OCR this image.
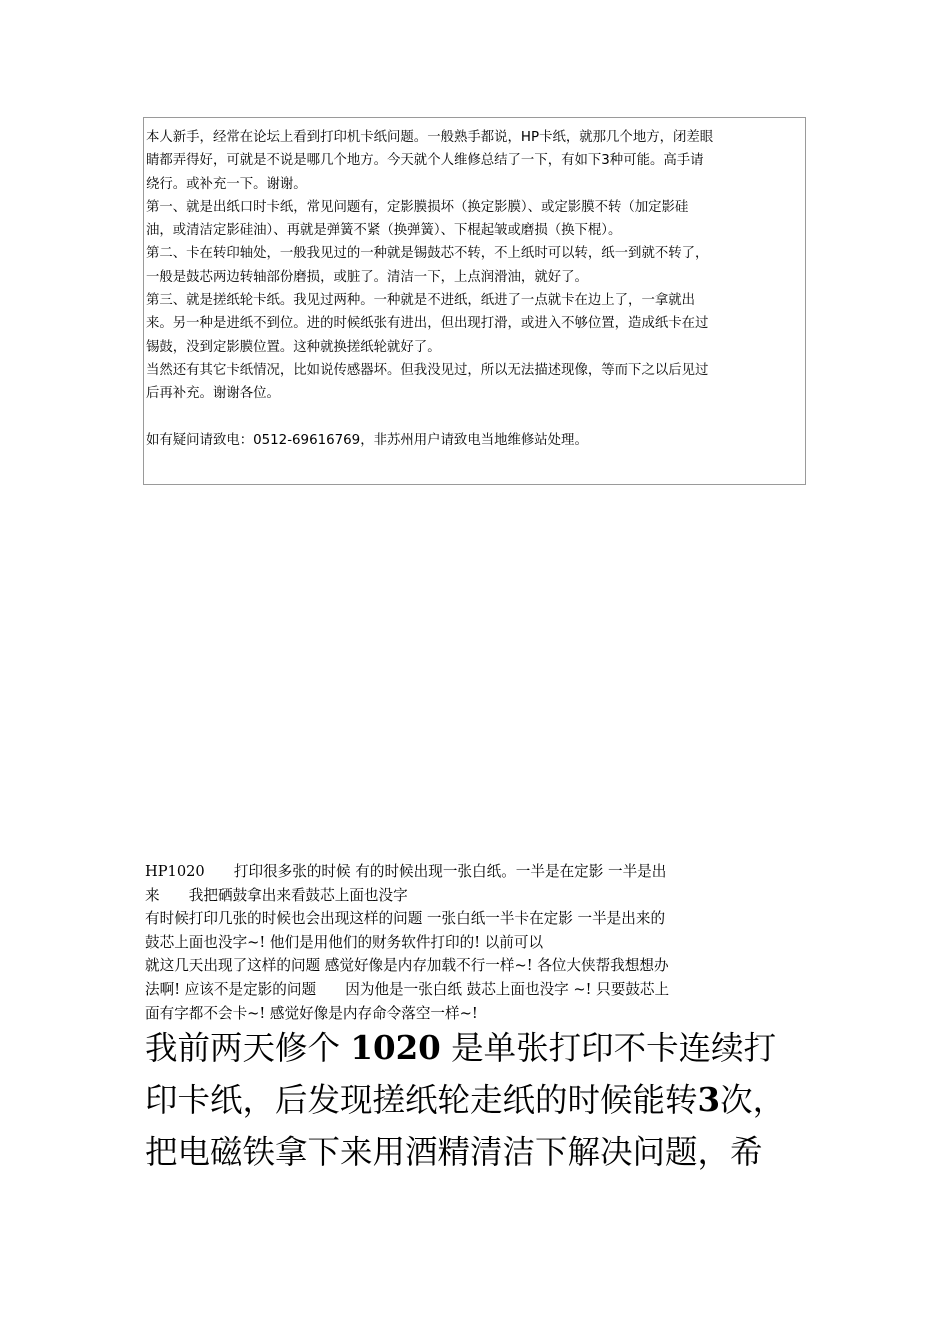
本人新手，经常在论坛上看到打印机卡纸问题。一般熟手都说，HP卡纸，就那几个地方，闭差眼

睛都弄得好，可就是不说是哪几个地方。今天就个人维修总结了一下，有如下3种可能。高手请

绕行。或补充一下。谢谢。

第一、就是出纸口时卡纸，常见问题有，定影膜损坏（换定影膜）、或定影膜不转（加定影硅

油，或清洁定影硅油）、再就是弹簧不紧（换弹簧）、下棍起皱或磨损（换下棍）。

第二、卡在转印轴处，一般我见过的一种就是锡鼓芯不转，不上纸时可以转，纸一到就不转了，

一般是鼓芯两边转轴部份磨损，或脏了。清洁一下，上点润滑油，就好了。

第三、就是搓纸轮卡纸。我见过两种。一种就是不进纸，纸进了一点就卡在边上了，一拿就出

来。另一种是进纸不到位。进的时候纸张有进出，但出现打滑，或进入不够位置，造成纸卡在过

锡鼓，没到定影膜位置。这种就换搓纸轮就好了。

当然还有其它卡纸情况，比如说传感器坏。但我没见过，所以无法描述现像，等而下之以后见过

后再补充。谢谢各位。

如有疑问请致电：0512-69616769，非苏州用户请致电当地维修站处理。

HP1020　　打印很多张的时候 有的时候出现一张白纸。一半是在定影 一半是出

来　　我把硒鼓拿出来看鼓芯上面也没字

有时候打印几张的时候也会出现这样的问题 一张白纸一半卡在定影 一半是出来的

鼓芯上面也没字~! 他们是用他们的财务软件打印的! 以前可以

就这几天出现了这样的问题 感觉好像是内存加载不行一样~! 各位大侠帮我想想办

法啊! 应该不是定影的问题　　因为他是一张白纸 鼓芯上面也没字 ~! 只要鼓芯上

面有字都不会卡~! 感觉好像是内存命令落空一样~!

我前两天修个 1020 是单张打印不卡连续打

印卡纸，后发现搓纸轮走纸的时候能转3次，

把电磁铁拿下来用酒精清洁下解决问题，希
